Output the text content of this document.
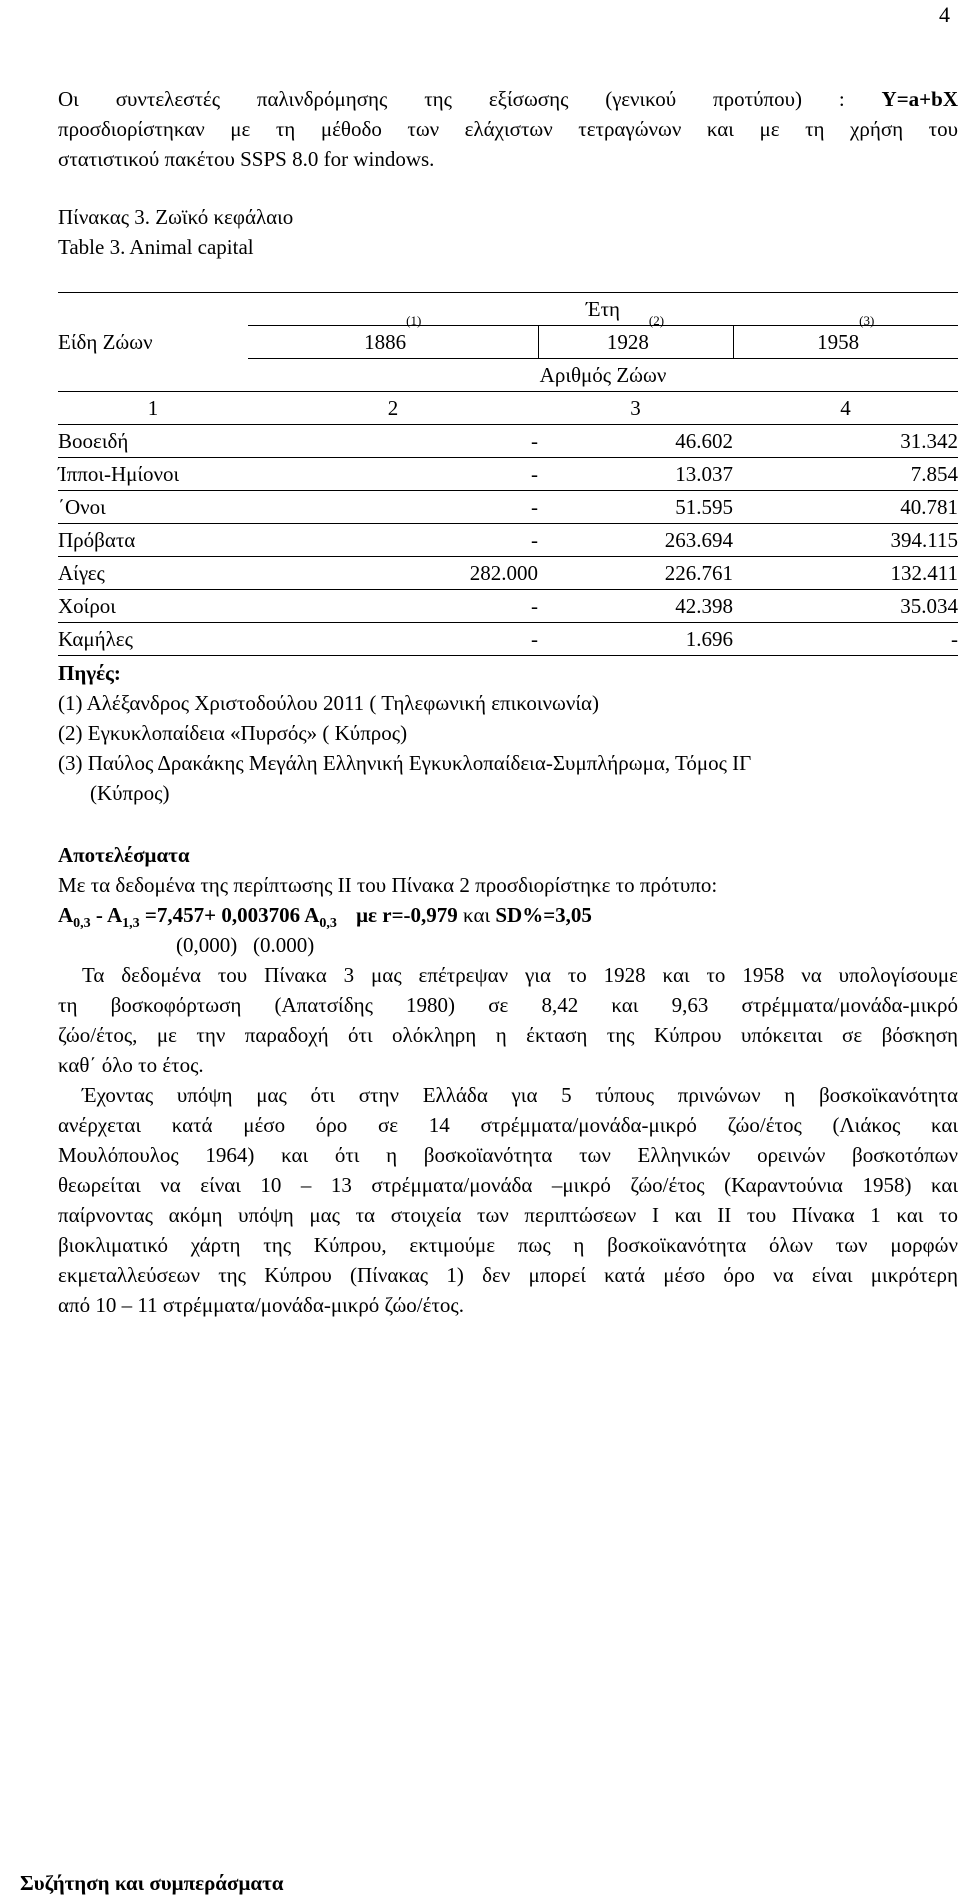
4
Οι συντελεστές παλινδρόμησης της εξίσωσης (γενικού προτύπου) : Y=a+bX
προσδιορίστηκαν με τη μέθοδο των ελάχιστων τετραγώνων και με τη χρήση του
στατιστικού πακέτου SSPS 8.0 for windows.
Πίνακας 3. Ζωϊκό κεφάλαιο
Table 3. Animal capital
	Έτη		
Είδη Ζώων	1886$^{(1)}$	1928$^{(2)}$	1958$^{(3)}$
	Αριθμός Ζώων		
1	2	3	4
Βοοειδή	-	46.602	31.342
Ίπποι-Ημίονοι	-	13.037	7.854
΄Ονοι	-	51.595	40.781
Πρόβατα	-	263.694	394.115
Αίγες	282.000	226.761	132.411
Χοίροι	-	42.398	35.034
Καμήλες	-	1.696	-
Πηγές:
(1) Αλέξανδρος Χριστοδούλου 2011 ( Τηλεφωνική επικοινωνία)
(2) Εγκυκλοπαίδεια «Πυρσός» ( Κύπρος)
(3) Παύλος Δρακάκης Μεγάλη Ελληνική Εγκυκλοπαίδεια-Συμπλήρωμα, Τόμος ΙΓ
(Κύπρος)
Αποτελέσματα
Με τα δεδομένα της περίπτωσης ΙΙ του Πίνακα 2 προσδιορίστηκε το πρότυπο:
$A_{0,3} - A_{1,3} =7,457+ 0,003706$ $A_{0,3}$ με r=-0,979 και SD%=3,05
(0,000)   (0.000)
Τα δεδομένα του Πίνακα 3 μας επέτρεψαν για το 1928 και το 1958 να υπολογίσουμε
τη βοσκοφόρτωση (Απατσίδης 1980) σε 8,42 και 9,63 στρέμματα/μονάδα-μικρό
ζώο/έτος, με την παραδοχή ότι ολόκληρη η έκταση της Κύπρου υπόκειται σε βόσκηση
καθ΄ όλο το έτος.
Έχοντας υπόψη μας ότι στην Ελλάδα για 5 τύπους πρινώνων η βοσκοϊκανότητα
ανέρχεται κατά μέσο όρο σε 14 στρέμματα/μονάδα-μικρό ζώο/έτος (Λιάκος και
Μουλόπουλος 1964) και ότι η βοσκοϊανότητα των Ελληνικών ορεινών βοσκοτόπων
θεωρείται να είναι 10 – 13 στρέμματα/μονάδα –μικρό ζώο/έτος (Καραντούνια 1958) και
παίρνοντας ακόμη υπόψη μας τα στοιχεία των περιπτώσεων Ι και ΙΙ του Πίνακα 1 και το
βιοκλιματικό χάρτη της Κύπρου, εκτιμούμε πως η βοσκοϊκανότητα όλων των μορφών
εκμεταλλεύσεων της Κύπρου (Πίνακας 1) δεν μπορεί κατά μέσο όρο να είναι μικρότερη
από 10 – 11 στρέμματα/μονάδα-μικρό ζώο/έτος.
Συζήτηση και συμπεράσματα
